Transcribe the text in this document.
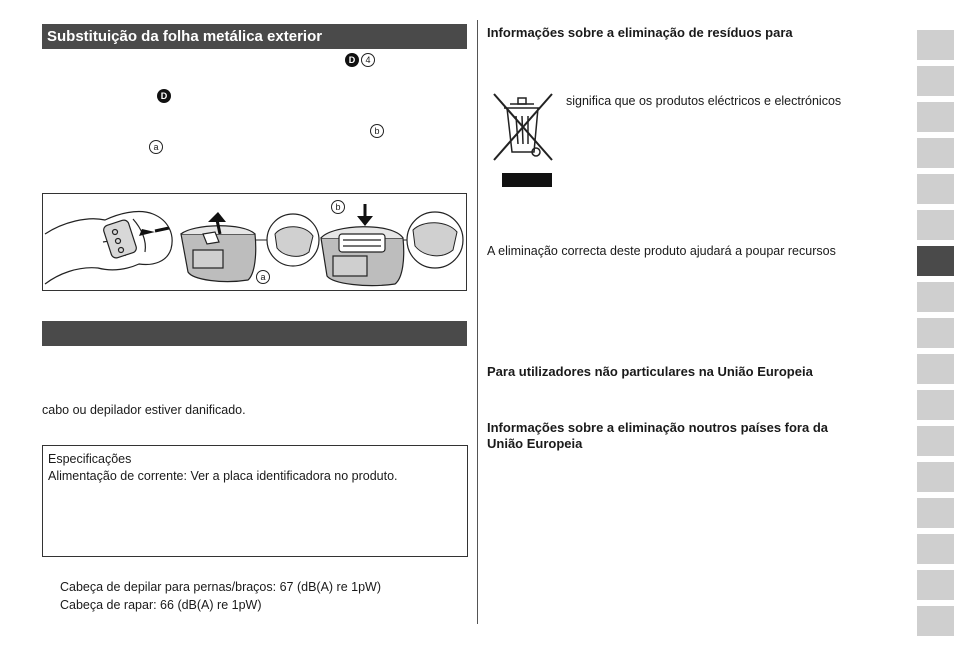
Substituição da folha metálica exterior
D	4
D
b
a
b
a
cabo ou depilador estiver danificado.
Especificações
Alimentação de corrente: Ver a placa identificadora no produto.
Cabeça de depilar para pernas/braços: 67 (dB(A) re 1pW)
Cabeça de rapar: 66 (dB(A) re 1pW)
Informações sobre a eliminação de resíduos para
significa que os produtos eléctricos e electrónicos
A eliminação correcta deste produto ajudará a poupar recursos
Para utilizadores não particulares na União Europeia
Informações sobre a eliminação noutros países fora da
União Europeia
